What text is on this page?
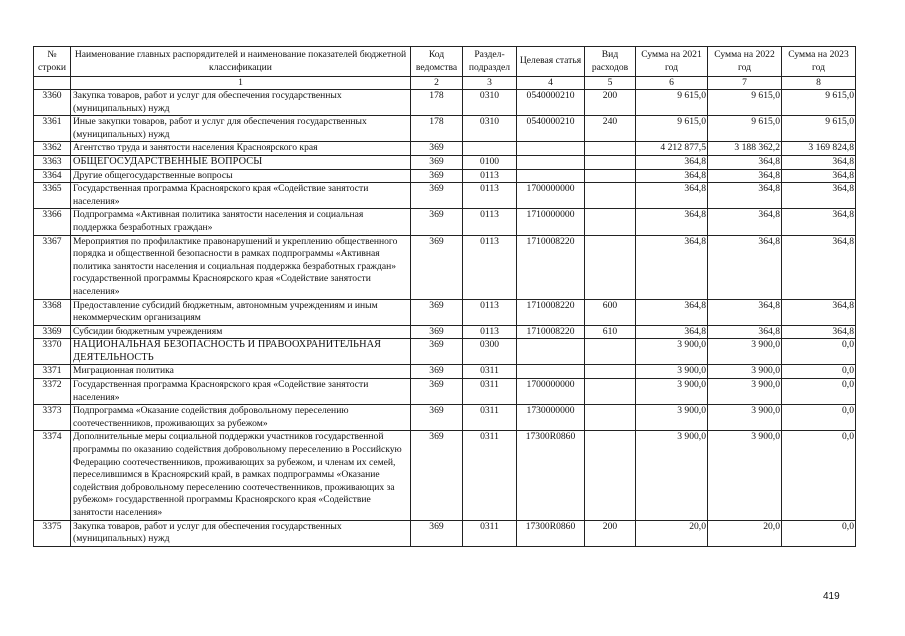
№ строки	Наименование главных распорядителей и наименование показателей бюджетной классификации	Код ведомства	Раздел-подраздел	Целевая статья	Вид расходов	Сумма на 2021 год	Сумма на 2022 год	Сумма на 2023 год
	1	2	3	4	5	6	7	8
3360	Закупка товаров, работ и услуг для обеспечения государственных (муниципальных) нужд	178	0310	0540000210	200	9 615,0	9 615,0	9 615,0
3361	Иные закупки товаров, работ и услуг для обеспечения государственных (муниципальных) нужд	178	0310	0540000210	240	9 615,0	9 615,0	9 615,0
3362	Агентство труда и занятости населения Красноярского края	369				4 212 877,5	3 188 362,2	3 169 824,8
3363	ОБЩЕГОСУДАРСТВЕННЫЕ ВОПРОСЫ	369	0100			364,8	364,8	364,8
3364	Другие общегосударственные вопросы	369	0113			364,8	364,8	364,8
3365	Государственная программа Красноярского края «Содействие занятости населения»	369	0113	1700000000		364,8	364,8	364,8
3366	Подпрограмма «Активная политика занятости населения и социальная поддержка безработных граждан»	369	0113	1710000000		364,8	364,8	364,8
3367	Мероприятия по профилактике правонарушений и укреплению общественного порядка и общественной безопасности в рамках подпрограммы «Активная политика занятости населения и социальная поддержка безработных граждан» государственной программы Красноярского края «Содействие занятости населения»	369	0113	1710008220		364,8	364,8	364,8
3368	Предоставление субсидий бюджетным, автономным учреждениям и иным некоммерческим организациям	369	0113	1710008220	600	364,8	364,8	364,8
3369	Субсидии бюджетным учреждениям	369	0113	1710008220	610	364,8	364,8	364,8
3370	НАЦИОНАЛЬНАЯ БЕЗОПАСНОСТЬ И ПРАВООХРАНИТЕЛЬНАЯ ДЕЯТЕЛЬНОСТЬ	369	0300			3 900,0	3 900,0	0,0
3371	Миграционная политика	369	0311			3 900,0	3 900,0	0,0
3372	Государственная программа Красноярского края «Содействие занятости населения»	369	0311	1700000000		3 900,0	3 900,0	0,0
3373	Подпрограмма «Оказание содействия добровольному переселению соотечественников, проживающих за рубежом»	369	0311	1730000000		3 900,0	3 900,0	0,0
3374	Дополнительные меры социальной поддержки участников государственной программы по оказанию содействия добровольному переселению в Российскую Федерацию соотечественников, проживающих за рубежом, и членам их семей, переселившимся в Красноярский край, в рамках подпрограммы «Оказание содействия добровольному переселению соотечественников, проживающих за рубежом» государственной программы Красноярского края «Содействие занятости населения»	369	0311	17300R0860		3 900,0	3 900,0	0,0
3375	Закупка товаров, работ и услуг для обеспечения государственных (муниципальных) нужд	369	0311	17300R0860	200	20,0	20,0	0,0
419
